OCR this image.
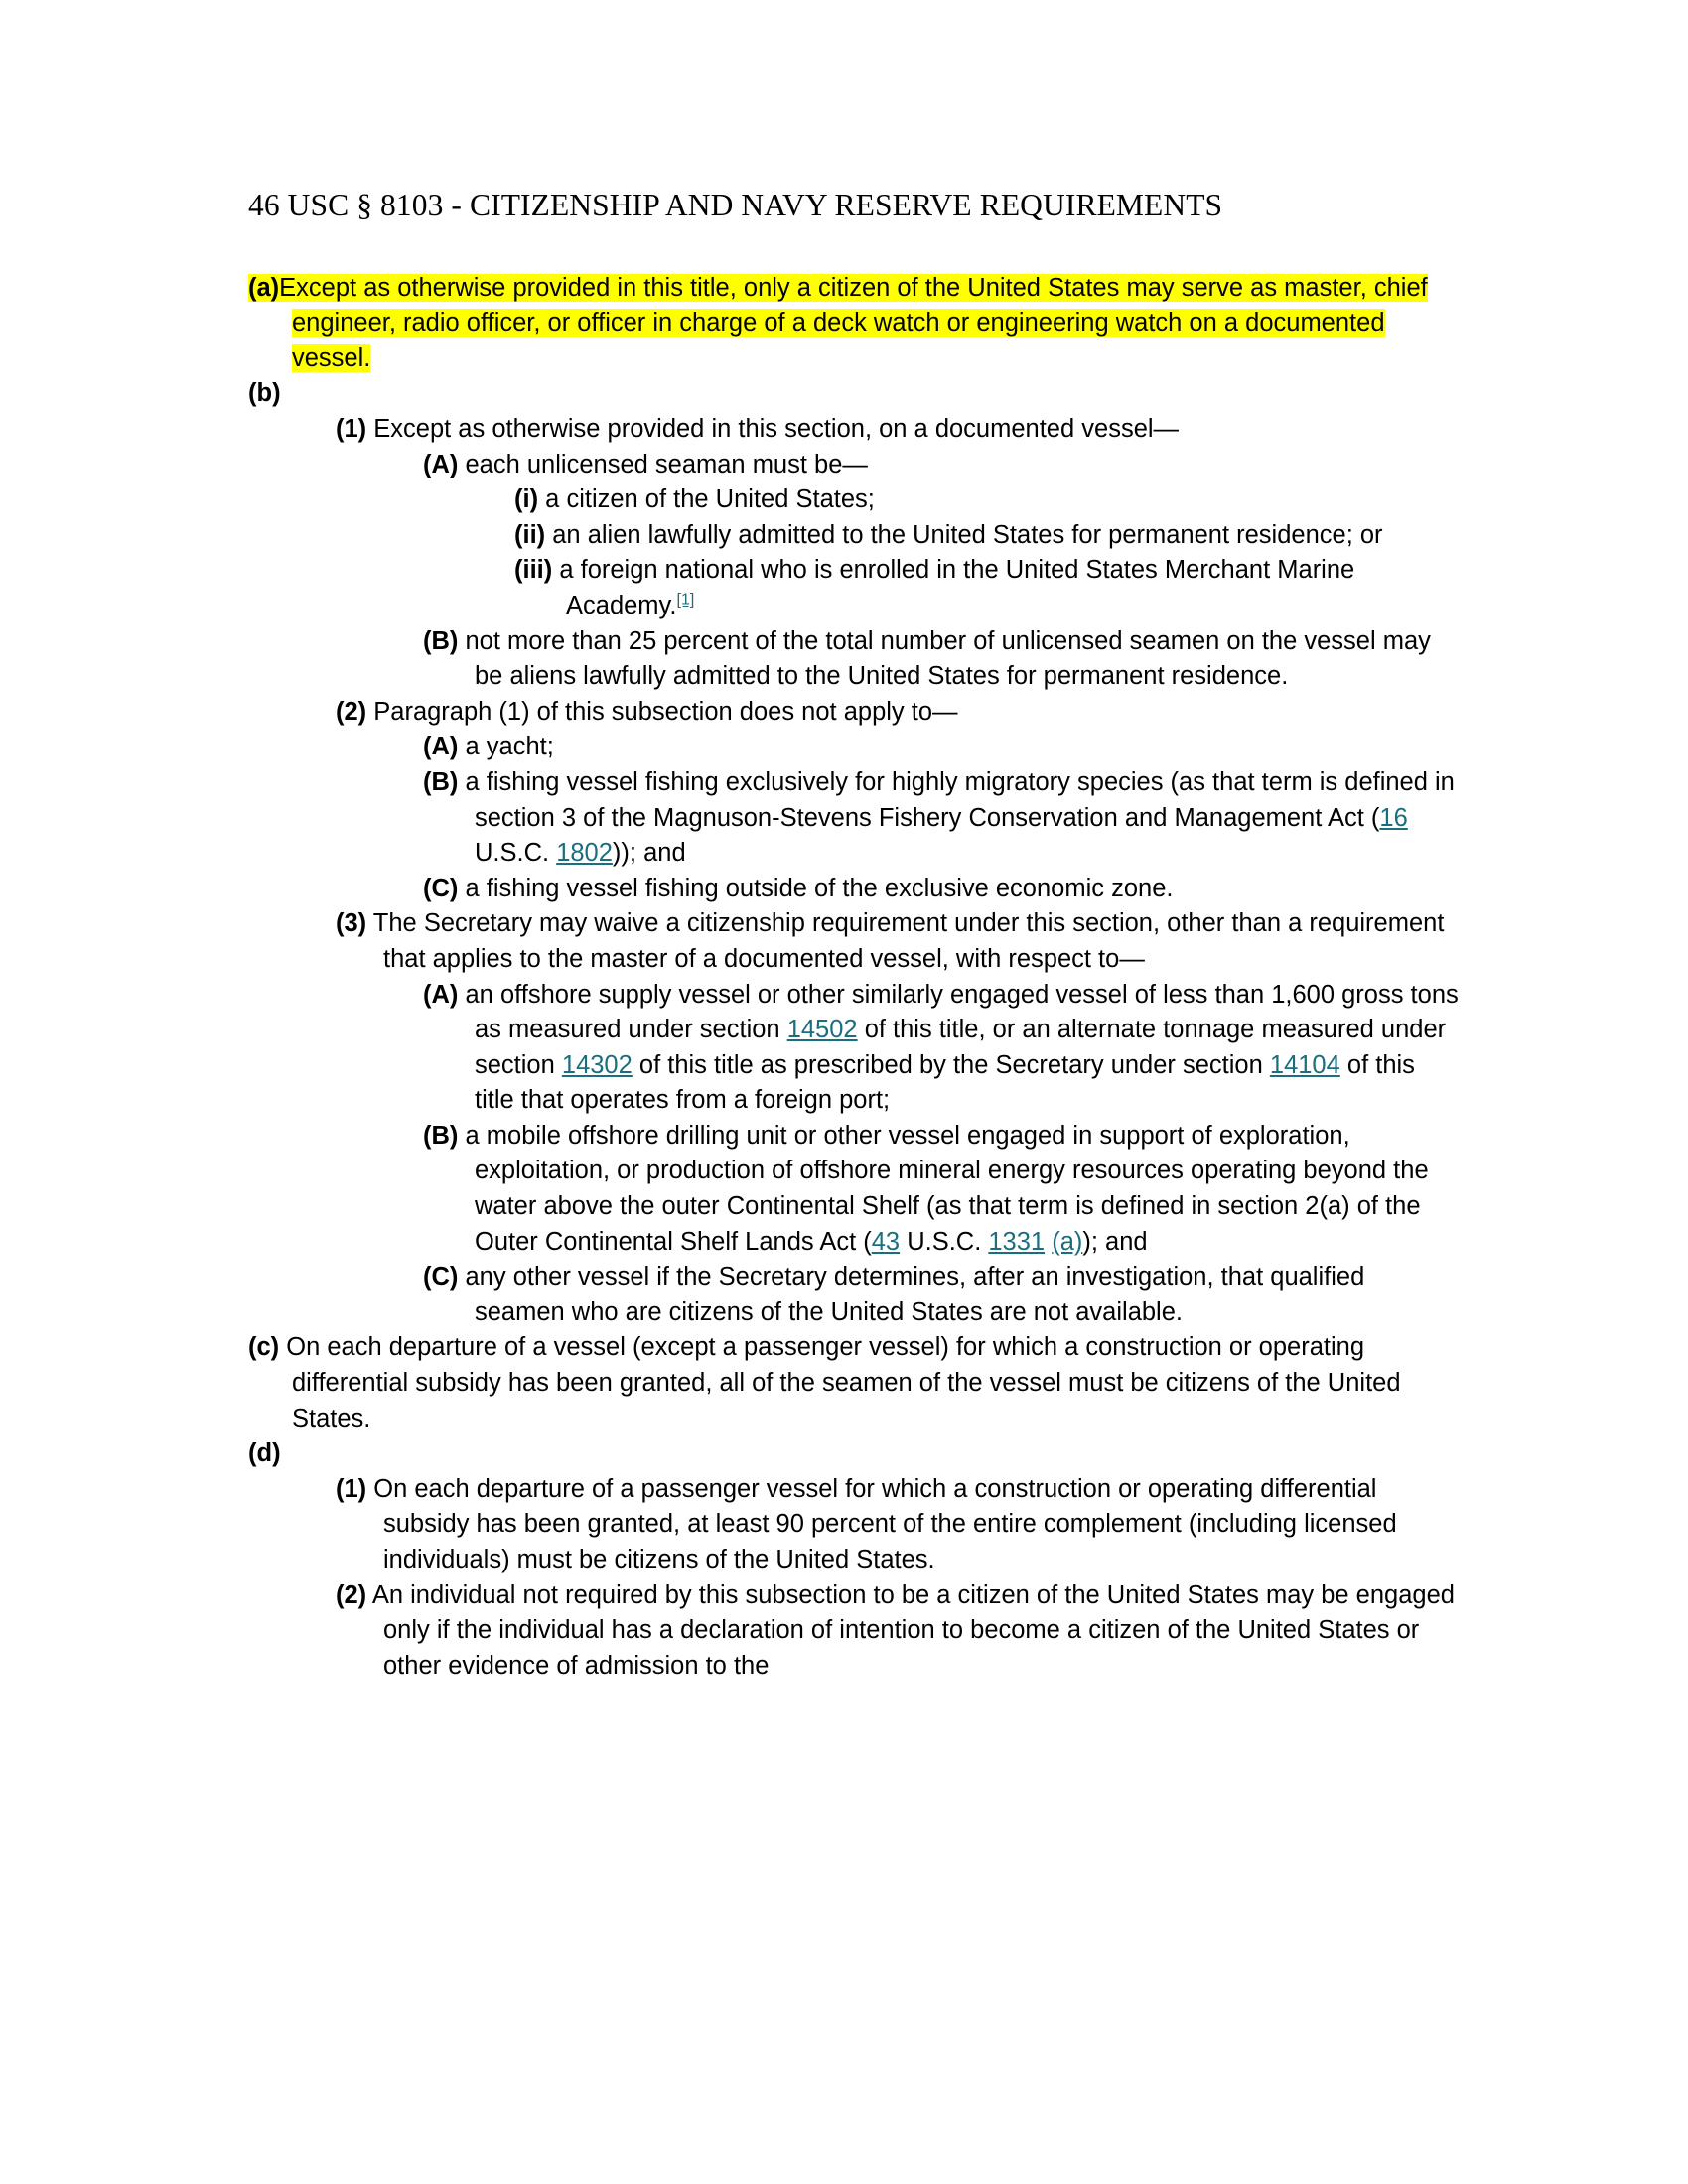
46 USC § 8103 - CITIZENSHIP AND NAVY RESERVE REQUIREMENTS
(a)Except as otherwise provided in this title, only a citizen of the United States may serve as master, chief engineer, radio officer, or officer in charge of a deck watch or engineering watch on a documented vessel.
(b)
(1) Except as otherwise provided in this section, on a documented vessel—
(A) each unlicensed seaman must be—
(i) a citizen of the United States;
(ii) an alien lawfully admitted to the United States for permanent residence; or
(iii) a foreign national who is enrolled in the United States Merchant Marine Academy.[1]
(B) not more than 25 percent of the total number of unlicensed seamen on the vessel may be aliens lawfully admitted to the United States for permanent residence.
(2) Paragraph (1) of this subsection does not apply to—
(A) a yacht;
(B) a fishing vessel fishing exclusively for highly migratory species (as that term is defined in section 3 of the Magnuson-Stevens Fishery Conservation and Management Act (16 U.S.C. 1802)); and
(C) a fishing vessel fishing outside of the exclusive economic zone.
(3) The Secretary may waive a citizenship requirement under this section, other than a requirement that applies to the master of a documented vessel, with respect to—
(A) an offshore supply vessel or other similarly engaged vessel of less than 1,600 gross tons as measured under section 14502 of this title, or an alternate tonnage measured under section 14302 of this title as prescribed by the Secretary under section 14104 of this title that operates from a foreign port;
(B) a mobile offshore drilling unit or other vessel engaged in support of exploration, exploitation, or production of offshore mineral energy resources operating beyond the water above the outer Continental Shelf (as that term is defined in section 2(a) of the Outer Continental Shelf Lands Act (43 U.S.C. 1331 (a)); and
(C) any other vessel if the Secretary determines, after an investigation, that qualified seamen who are citizens of the United States are not available.
(c) On each departure of a vessel (except a passenger vessel) for which a construction or operating differential subsidy has been granted, all of the seamen of the vessel must be citizens of the United States.
(d)
(1) On each departure of a passenger vessel for which a construction or operating differential subsidy has been granted, at least 90 percent of the entire complement (including licensed individuals) must be citizens of the United States.
(2) An individual not required by this subsection to be a citizen of the United States may be engaged only if the individual has a declaration of intention to become a citizen of the United States or other evidence of admission to the
